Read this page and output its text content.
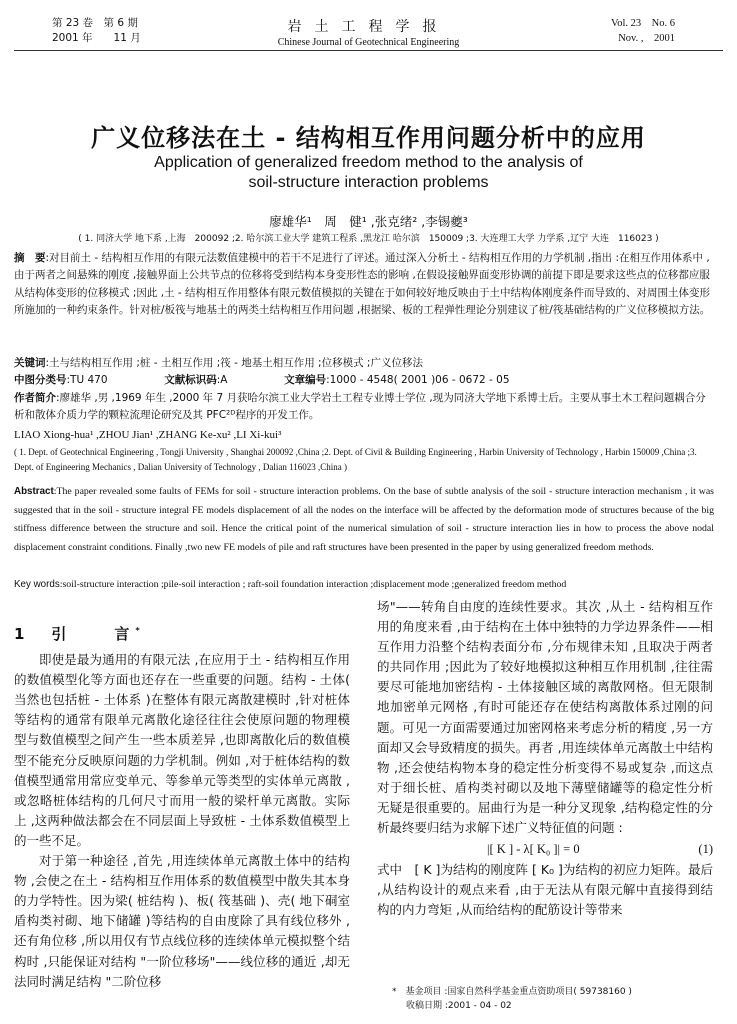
第 23 卷　第 6 期
2001 年　　11 月
岩土工程学报
Chinese Journal of Geotechnical Engineering
Vol. 23　No. 6
Nov. ,　2001
广义位移法在土 - 结构相互作用问题分析中的应用
Application of generalized freedom method to the analysis of
soil-structure interaction problems
廖雄华¹　周　健¹ ,张克绪² ,李锡夔³
( 1. 同济大学 地下系 ,上海　200092 ;2. 哈尔滨工业大学 建筑工程系 ,黑龙江 哈尔滨　150009 ;3. 大连理工大学 力学系 ,辽宁 大连　116023 )

摘　要:对目前土 - 结构相互作用的有限元法数值建模中的若干不足进行了评述。通过深入分析土 - 结构相互作用的力学机制 ,指出 :在相互作用体系中 ,由于两者之间悬殊的刚度 ,接触界面上公共节点的位移将受到结构本身变形性态的影响 ,在假设接触界面变形协调的前提下即是要求这些点的位移都应服从结构体变形的位移模式 ;因此 ,土 - 结构相互作用整体有限元数值模拟的关键在于如何较好地反映由于土中结构体刚度条件而导致的、对周围土体变形所施加的一种约束条件。针对桩/板筏与地基土的两类土结构相互作用问题 ,根据梁、板的工程弹性理论分别建议了桩/筏基础结构的广义位移模拟方法。

关键词:土与结构相互作用 ;桩 - 土相互作用 ;筏 - 地基土相互作用 ;位移模式 ;广义位移法

中图分类号:TU 470	文献标识码:A	文章编号:1000 - 4548( 2001 )06 - 0672 - 05

作者简介:廖雄华 ,男 ,1969 年生 ,2000 年 7 月获哈尔滨工业大学岩土工程专业博士学位 ,现为同济大学地下系博士后。主要从事土木工程问题耦合分析和散体介质力学的颗粒流理论研究及其 PFC²ᴰ程序的开发工作。

LIAO Xiong-hua¹ ,ZHOU Jian¹ ,ZHANG Ke-xu² ,LI Xi-kui³
( 1. Dept. of Geotechnical Engineering , Tongji University , Shanghai 200092 ,China ;2. Dept. of Civil & Building Engineering , Harbin University of Technology , Harbin 150009 ,China ;3. Dept. of Engineering Mechanics , Dalian University of Technology , Dalian 116023 ,China )
Abstract:The paper revealed some faults of FEMs for soil - structure interaction problems. On the base of subtle analysis of the soil - structure interaction mechanism , it was suggested that in the soil - structure integral FE models displacement of all the nodes on the interface will be affected by the deformation mode of structures because of the big stiffness difference between the structure and soil. Hence the critical point of the numerical simulation of soil - structure interaction lies in how to process the above nodal displacement constraint conditions. Finally ,two new FE models of pile and raft structures have been presented in the paper by using generalized freedom methods.
Key words:soil-structure interaction ;pile-soil interaction ; raft-soil foundation interaction ;displacement mode ;generalized freedom method
1　引　　言*

即使是最为通用的有限元法 ,在应用于土 - 结构相互作用的数值模型化等方面也还存在一些重要的问题。结构 - 土体( 当然也包括桩 - 土体系 )在整体有限元离散建模时 ,针对桩体等结构的通常有限单元离散化途径往往会使原问题的物理模型与数值模型之间产生一些本质差异 ,也即离散化后的数值模型不能充分反映原问题的力学机制。例如 ,对于桩体结构的数值模型通常用常应变单元、等参单元等类型的实体单元离散 ,或忽略桩体结构的几何尺寸而用一般的梁杆单元离散。实际上 ,这两种做法都会在不同层面上导致桩 - 土体系数值模型上的一些不足。

对于第一种途径 ,首先 ,用连续体单元离散土体中的结构物 ,会使之在土 - 结构相互作用体系的数值模型中散失其本身的力学特性。因为梁( 桩结构 )、板( 筏基础 )、壳( 地下硐室盾构类衬砌、地下储罐 )等结构的自由度除了具有线位移外 ,还有角位移 ,所以用仅有节点线位移的连续体单元模拟整个结构时 ,只能保证对结构 "一阶位移场"——线位移的通近 ,却无法同时满足结构 "二阶位移

场"——转角自由度的连续性要求。其次 ,从土 - 结构相互作用的角度来看 ,由于结构在土体中独特的力学边界条件——相互作用力沿整个结构表面分布 ,分布规律未知 ,且取决于两者的共同作用 ;因此为了较好地模拟这种相互作用机制 ,往往需要尽可能地加密结构 - 土体接触区域的离散网格。但无限制地加密单元网格 ,有时可能还存在使结构离散体系过刚的问题。可见一方面需要通过加密网格来考虑分析的精度 ,另一方面却又会导致精度的损失。再者 ,用连续体单元离散土中结构物 ,还会使结构物本身的稳定性分析变得不易或复杂 ,而这点对于细长桩、盾构类衬砌以及地下薄壁储罐等的稳定性分析无疑是很重要的。屈曲行为是一种分叉现象 ,结构稳定性的分析最终要归结为求解下述广义特征值的问题 :

|[ K ] - λ[ K₀ ]| = 0	(1)

式中　[ K ]为结构的刚度阵 [ K₀ ]为结构的初应力矩阵。最后 ,从结构设计的观点来看 ,由于无法从有限元解中直接得到结构的内力弯矩 ,从而给结构的配筋设计等带来

*　基金项目 :国家自然科学基金重点资助项目( 59738160 )
收稿日期 :2001 - 04 - 02
